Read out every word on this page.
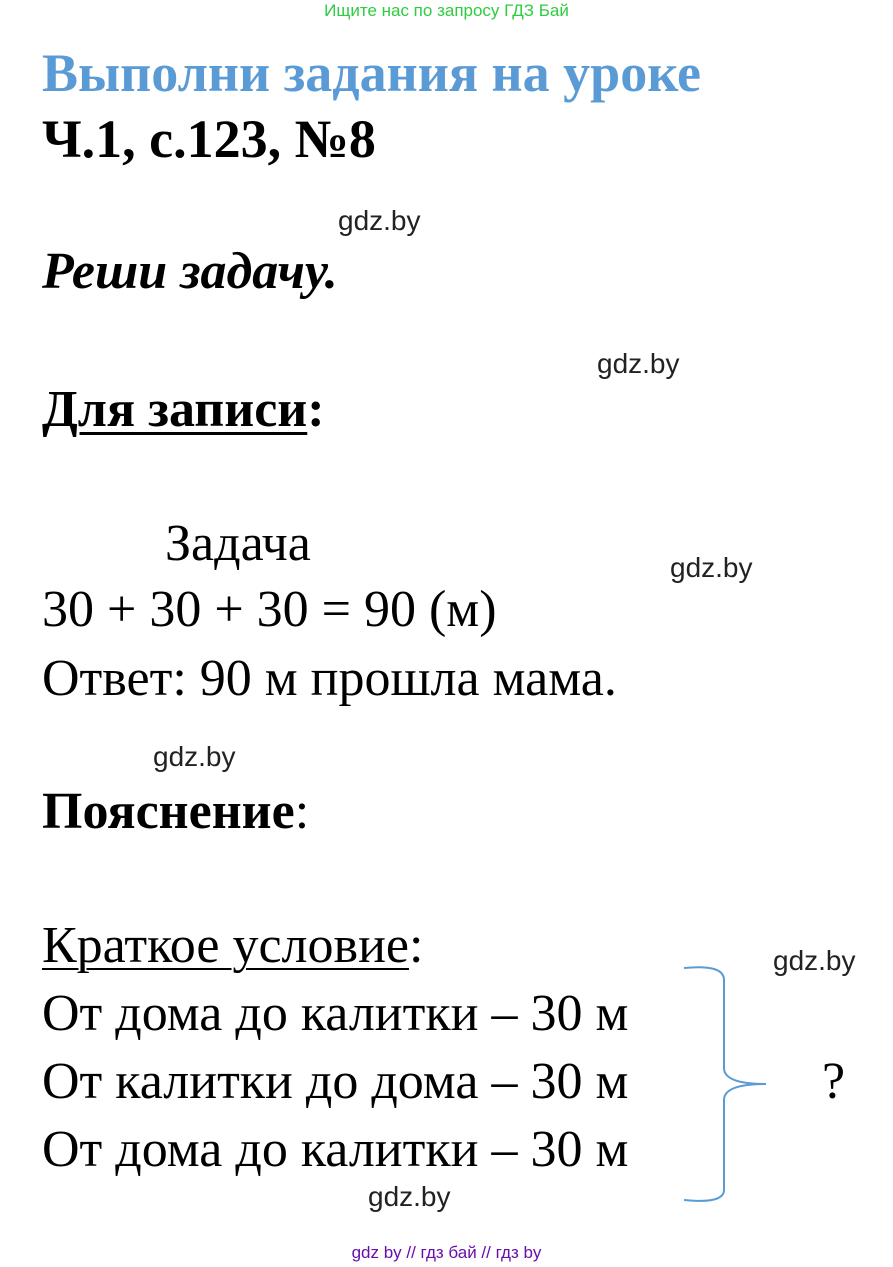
Ищите нас по запросу ГДЗ Бай
Выполни задания на уроке
Ч.1, с.123, №8
gdz.by
Реши задачу.
gdz.by
Для записи:
Задача	gdz.by
30 + 30 + 30 = 90 (м)
Ответ: 90 м прошла мама.
gdz.by
Пояснение:
Краткое условие:	gdz.by
От дома до калитки – 30 м
От калитки до дома – 30 м
От дома до калитки – 30 м
?
gdz.by
gdz by // гдз бай // гдз by
